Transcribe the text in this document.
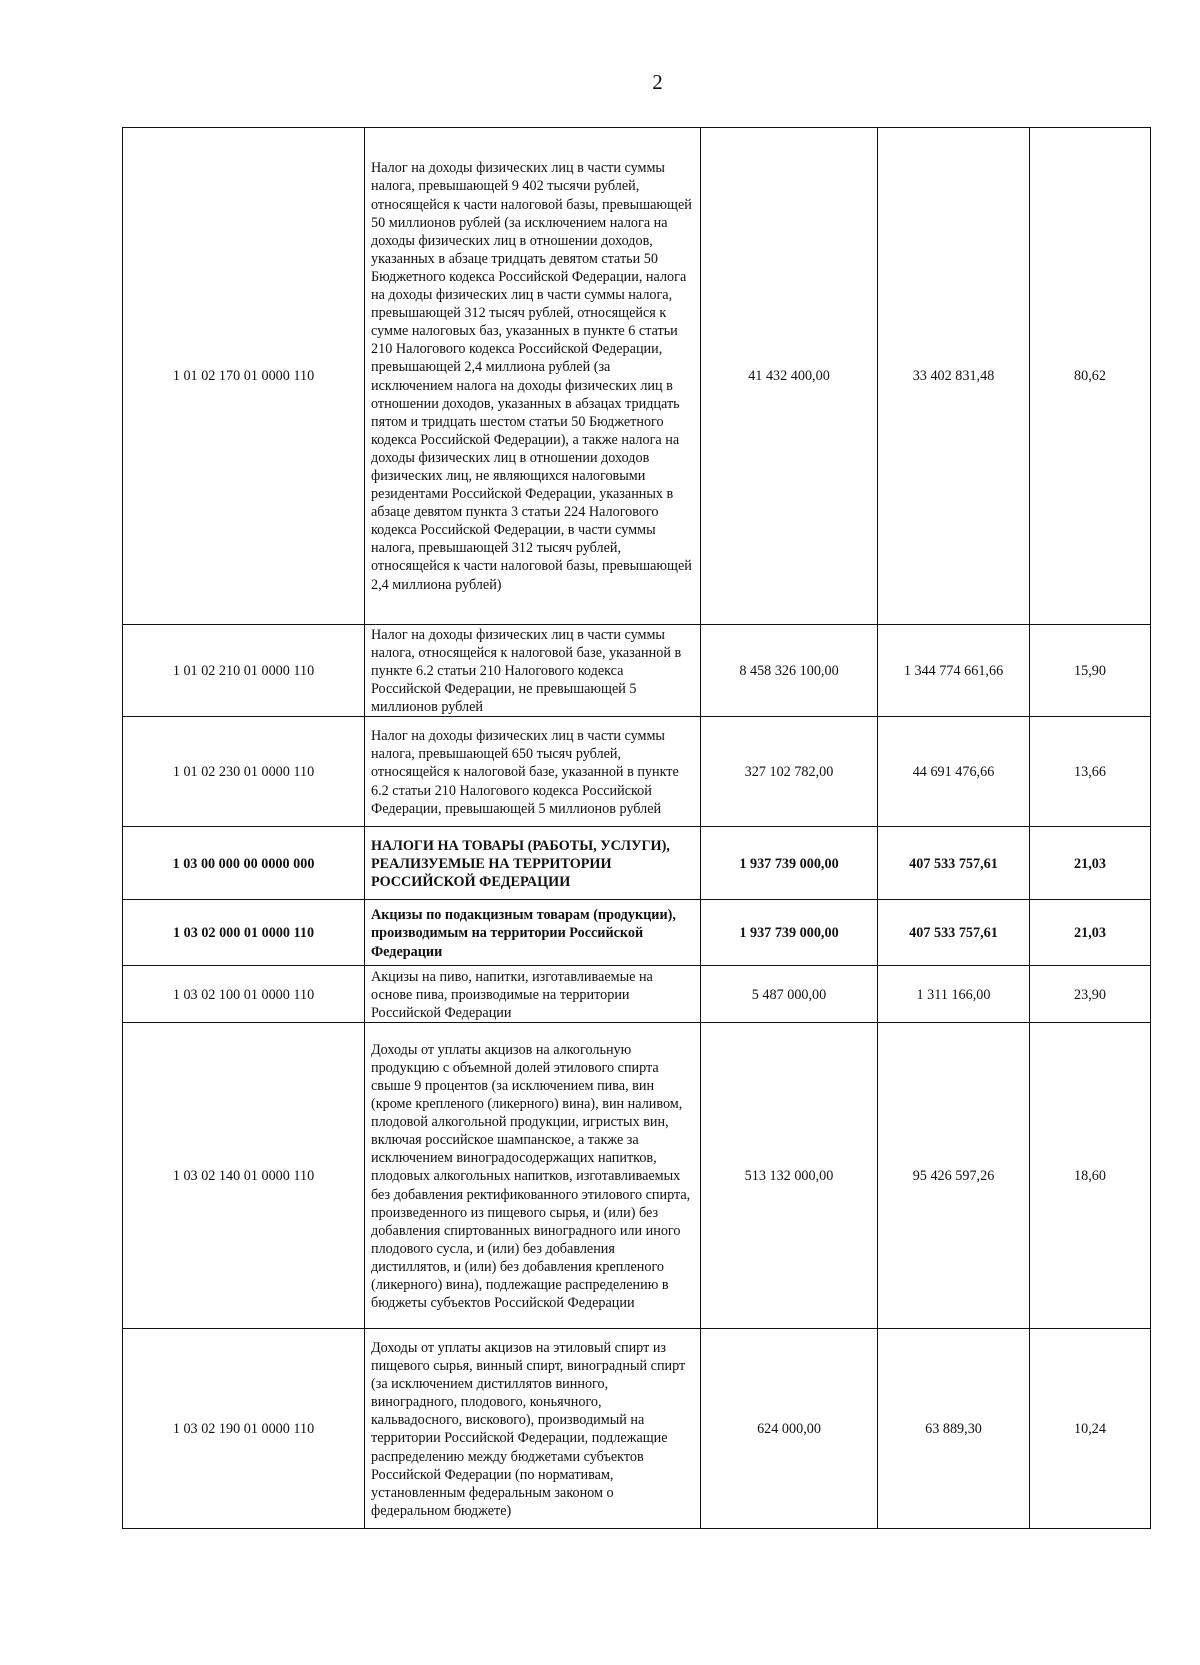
2
1 01 02 170 01 0000 110	Налог на доходы физических лиц в части суммы налога, превышающей 9 402 тысячи рублей, относящейся к части налоговой базы, превышающей 50 миллионов рублей (за исключением налога на доходы физических лиц в отношении доходов, указанных в абзаце тридцать девятом статьи 50 Бюджетного кодекса Российской Федерации, налога на доходы физических лиц в части суммы налога, превышающей 312 тысяч рублей, относящейся к сумме налоговых баз, указанных в пункте 6 статьи 210 Налогового кодекса Российской Федерации, превышающей 2,4 миллиона рублей (за исключением налога на доходы физических лиц в отношении доходов, указанных в абзацах тридцать пятом и тридцать шестом статьи 50 Бюджетного кодекса Российской Федерации), а также налога на доходы физических лиц в отношении доходов физических лиц, не являющихся налоговыми резидентами Российской Федерации, указанных в абзаце девятом пункта 3 статьи 224 Налогового кодекса Российской Федерации, в части суммы налога, превышающей 312 тысяч рублей, относящейся к части налоговой базы, превышающей 2,4 миллиона рублей)	41 432 400,00	33 402 831,48	80,62
1 01 02 210 01 0000 110	Налог на доходы физических лиц в части суммы налога, относящейся к налоговой базе, указанной в пункте 6.2 статьи 210 Налогового кодекса Российской Федерации, не превышающей 5 миллионов рублей	8 458 326 100,00	1 344 774 661,66	15,90
1 01 02 230 01 0000 110	Налог на доходы физических лиц в части суммы налога, превышающей 650 тысяч рублей, относящейся к налоговой базе, указанной в пункте 6.2 статьи 210 Налогового кодекса Российской Федерации, превышающей 5 миллионов рублей	327 102 782,00	44 691 476,66	13,66
1 03 00 000 00 0000 000	НАЛОГИ НА ТОВАРЫ (РАБОТЫ, УСЛУГИ), РЕАЛИЗУЕМЫЕ НА ТЕРРИТОРИИ РОССИЙСКОЙ ФЕДЕРАЦИИ	1 937 739 000,00	407 533 757,61	21,03
1 03 02 000 01 0000 110	Акцизы по подакцизным товарам (продукции), производимым на территории Российской Федерации	1 937 739 000,00	407 533 757,61	21,03
1 03 02 100 01 0000 110	Акцизы на пиво, напитки, изготавливаемые на основе пива, производимые на территории Российской Федерации	5 487 000,00	1 311 166,00	23,90
1 03 02 140 01 0000 110	Доходы от уплаты акцизов на алкогольную продукцию с объемной долей этилового спирта свыше 9 процентов (за исключением пива, вин (кроме крепленого (ликерного) вина), вин наливом, плодовой алкогольной продукции, игристых вин, включая российское шампанское, а также за исключением виноградосодержащих напитков, плодовых алкогольных напитков, изготавливаемых без добавления ректификованного этилового спирта, произведенного из пищевого сырья, и (или) без добавления спиртованных виноградного или иного плодового сусла, и (или) без добавления дистиллятов, и (или) без добавления крепленого (ликерного) вина), подлежащие распределению в бюджеты субъектов Российской Федерации	513 132 000,00	95 426 597,26	18,60
1 03 02 190 01 0000 110	Доходы от уплаты акцизов на этиловый спирт из пищевого сырья, винный спирт, виноградный спирт (за исключением дистиллятов винного, виноградного, плодового, коньячного, кальвадосного, вискового), производимый на территории Российской Федерации, подлежащие распределению между бюджетами субъектов Российской Федерации (по нормативам, установленным федеральным законом о федеральном бюджете)	624 000,00	63 889,30	10,24
